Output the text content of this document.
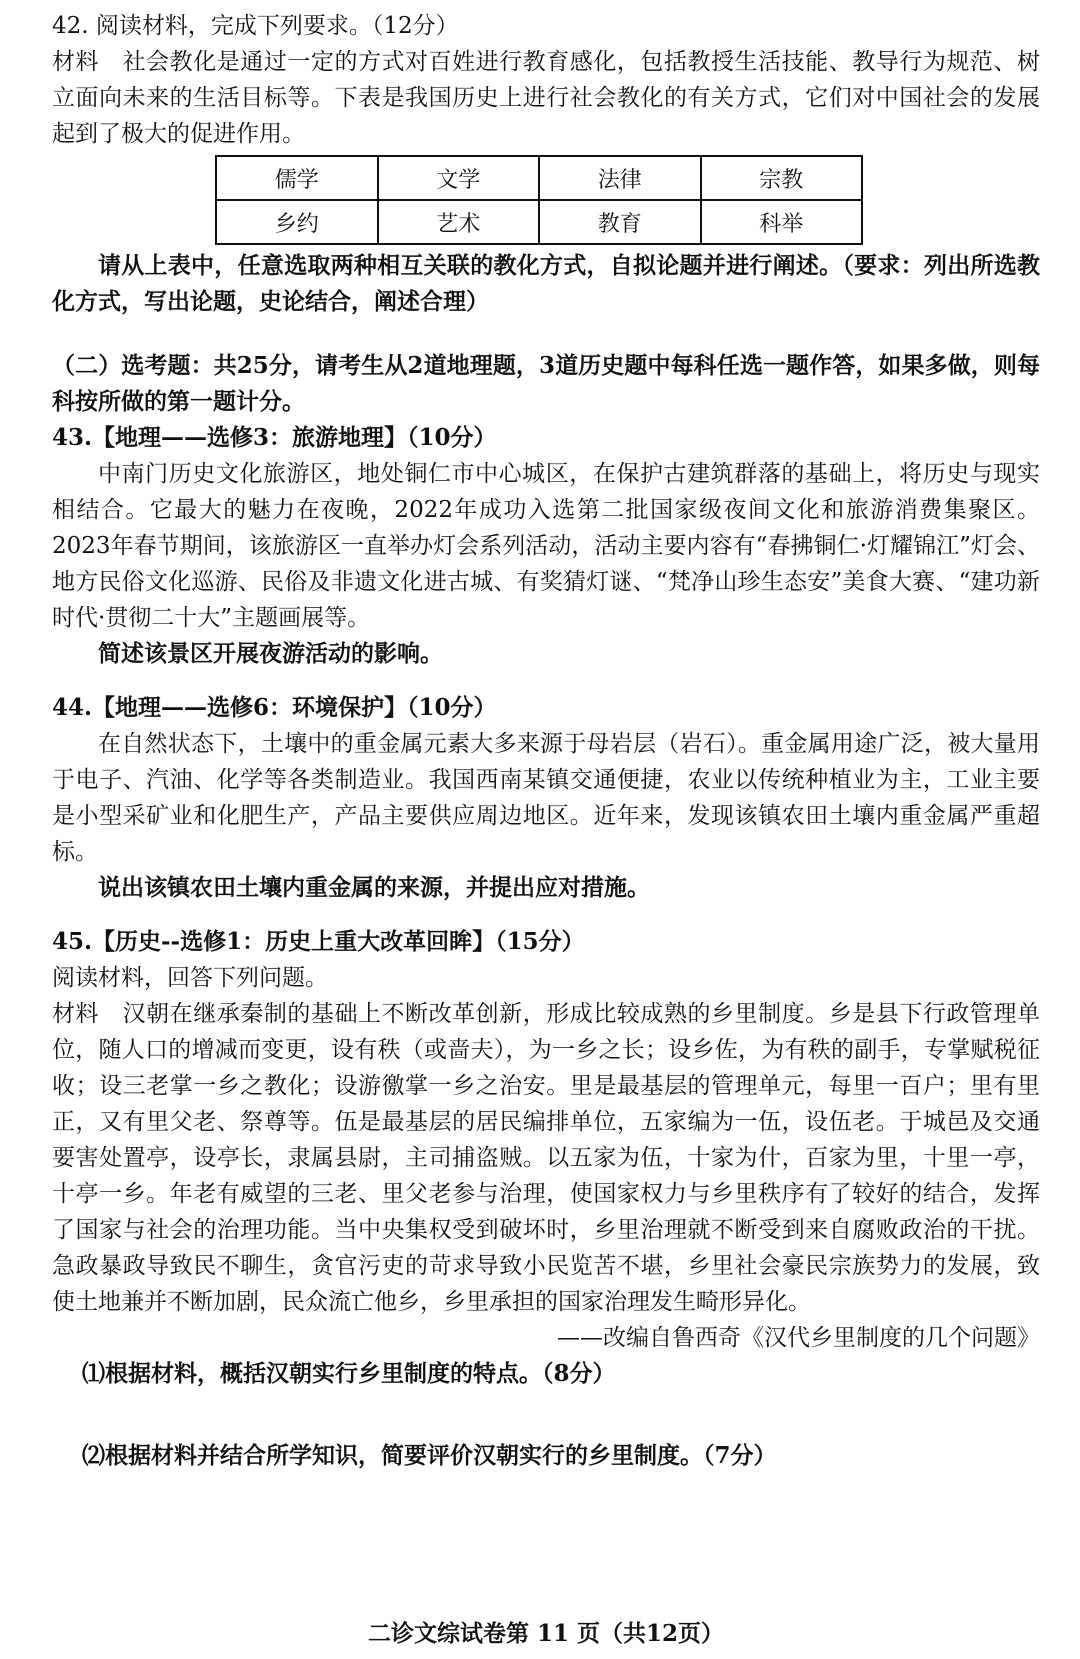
42. 阅读材料，完成下列要求。（12分）

材料　社会教化是通过一定的方式对百姓进行教育感化，包括教授生活技能、教导行为规范、树立面向未来的生活目标等。下表是我国历史上进行社会教化的有关方式，它们对中国社会的发展起到了极大的促进作用。

儒学	文学	法律	宗教
乡约	艺术	教育	科举

请从上表中，任意选取两种相互关联的教化方式，自拟论题并进行阐述。（要求：列出所选教化方式，写出论题，史论结合，阐述合理）

（二）选考题：共25分，请考生从2道地理题，3道历史题中每科任选一题作答，如果多做，则每科按所做的第一题计分。

43.【地理——选修3：旅游地理】（10分）

中南门历史文化旅游区，地处铜仁市中心城区，在保护古建筑群落的基础上，将历史与现实相结合。它最大的魅力在夜晚，2022年成功入选第二批国家级夜间文化和旅游消费集聚区。2023年春节期间，该旅游区一直举办灯会系列活动，活动主要内容有“春拂铜仁·灯耀锦江”灯会、地方民俗文化巡游、民俗及非遗文化进古城、有奖猜灯谜、“梵净山珍生态安”美食大赛、“建功新时代·贯彻二十大”主题画展等。

简述该景区开展夜游活动的影响。

44.【地理——选修6：环境保护】（10分）

在自然状态下，土壤中的重金属元素大多来源于母岩层（岩石）。重金属用途广泛，被大量用于电子、汽油、化学等各类制造业。我国西南某镇交通便捷，农业以传统种植业为主，工业主要是小型采矿业和化肥生产，产品主要供应周边地区。近年来，发现该镇农田土壤内重金属严重超标。

说出该镇农田土壤内重金属的来源，并提出应对措施。

45.【历史--选修1：历史上重大改革回眸】（15分）

阅读材料，回答下列问题。

材料　汉朝在继承秦制的基础上不断改革创新，形成比较成熟的乡里制度。乡是县下行政管理单位，随人口的增减而变更，设有秩（或啬夫），为一乡之长；设乡佐，为有秩的副手，专掌赋税征收；设三老掌一乡之教化；设游徼掌一乡之治安。里是最基层的管理单元，每里一百户；里有里正，又有里父老、祭尊等。伍是最基层的居民编排单位，五家编为一伍，设伍老。于城邑及交通要害处置亭，设亭长，隶属县尉，主司捕盗贼。以五家为伍，十家为什，百家为里，十里一亭，十亭一乡。年老有威望的三老、里父老参与治理，使国家权力与乡里秩序有了较好的结合，发挥了国家与社会的治理功能。当中央集权受到破坏时，乡里治理就不断受到来自腐败政治的干扰。急政暴政导致民不聊生，贪官污吏的苛求导致小民览苦不堪，乡里社会豪民宗族势力的发展，致使土地兼并不断加剧，民众流亡他乡，乡里承担的国家治理发生畸形异化。

——改编自鲁西奇《汉代乡里制度的几个问题》

⑴根据材料，概括汉朝实行乡里制度的特点。（8分）

⑵根据材料并结合所学知识，简要评价汉朝实行的乡里制度。（7分）

二诊文综试卷第 11 页（共12页）
